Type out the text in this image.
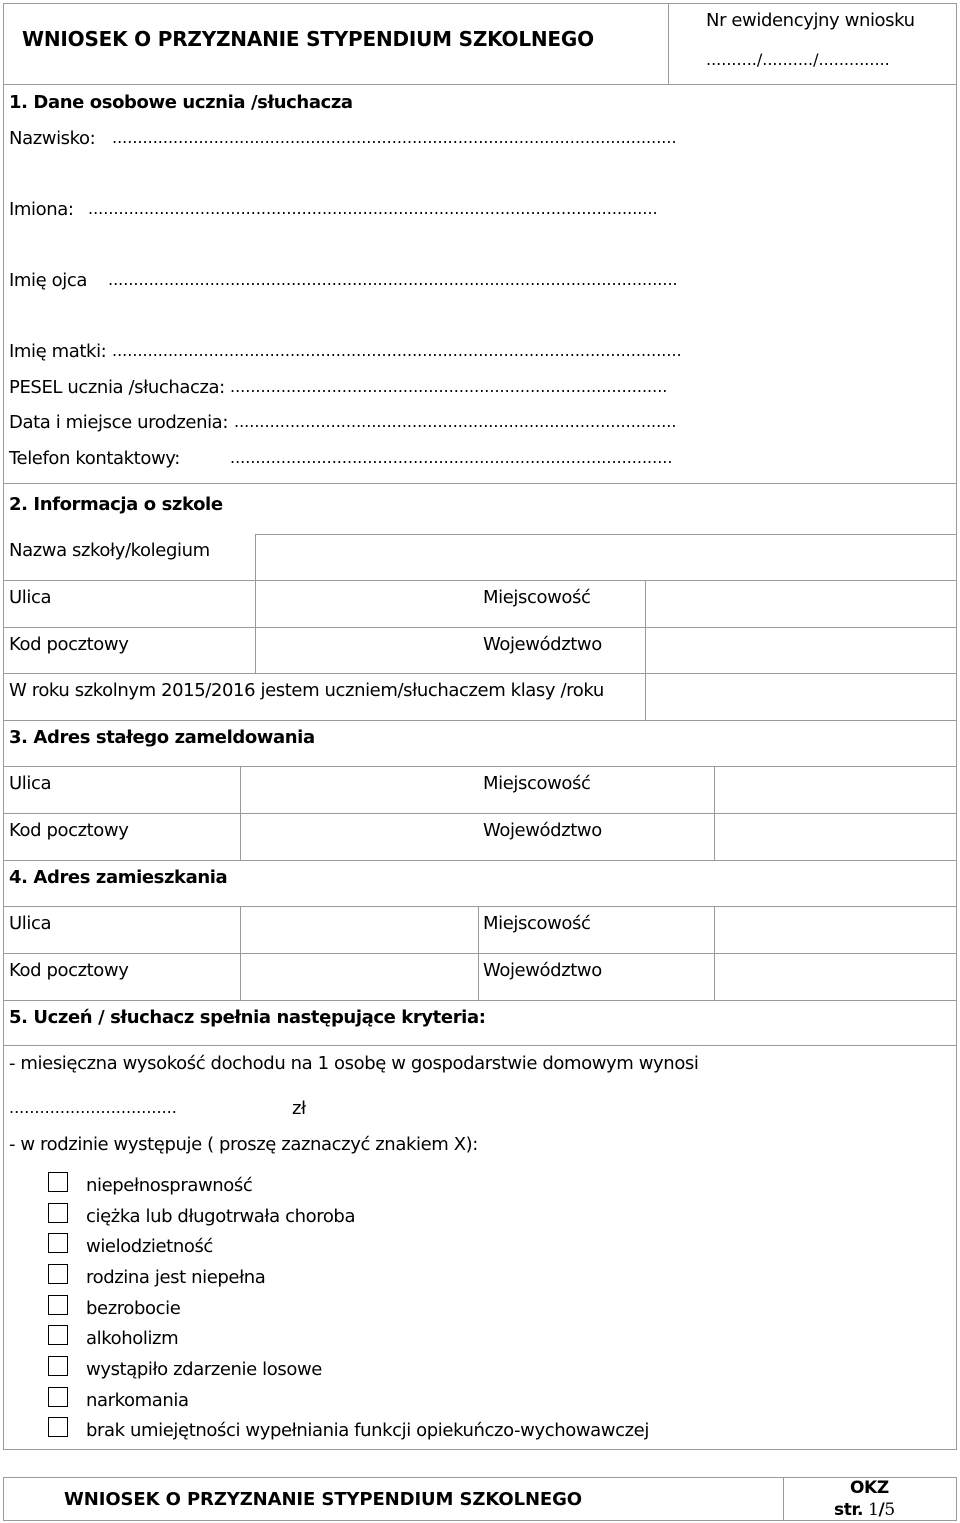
WNIOSEK O PRZYZNANIE STYPENDIUM SZKOLNEGO
Nr ewidencyjny wniosku
........../........../..............
1. Dane osobowe ucznia /słuchacza
Nazwisko: ...............................................................................................................
Imiona: ................................................................................................................
Imię ojca ................................................................................................................
Imię matki: ................................................................................................................
PESEL ucznia /słuchacza: ......................................................................................
Data i miejsce urodzenia: .......................................................................................
Telefon kontaktowy:	.......................................................................................
2. Informacja o szkole
Nazwa szkoły/kolegium
Ulica	Miejscowość
Kod pocztowy	Województwo
W roku szkolnym 2015/2016 jestem uczniem/słuchaczem klasy /roku
3. Adres stałego zameldowania
Ulica	Miejscowość
Kod pocztowy	Województwo
4. Adres zamieszkania
Ulica	Miejscowość
Kod pocztowy	Województwo
5. Uczeń / słuchacz spełnia następujące kryteria:
- miesięczna wysokość dochodu na 1 osobę w gospodarstwie domowym wynosi
.................................	zł
- w rodzinie występuje ( proszę zaznaczyć znakiem X):
niepełnosprawność
ciężka lub długotrwała choroba
wielodzietność
rodzina jest niepełna
bezrobocie
alkoholizm
wystąpiło zdarzenie losowe
narkomania
brak umiejętności wypełniania funkcji opiekuńczo-wychowawczej
WNIOSEK O PRZYZNANIE STYPENDIUM SZKOLNEGO
OKZ
str. 1/5
